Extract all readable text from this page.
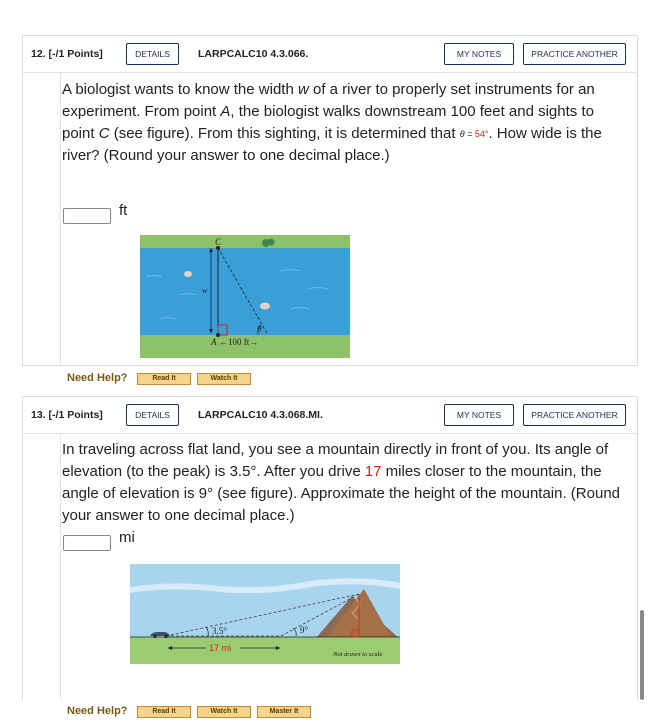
12. [-/1 Points]	DETAILS	LARPCALC10 4.3.066.	MY NOTES	PRACTICE ANOTHER

A biologist wants to know the width w of a river to properly set instruments for an experiment. From point A, the biologist walks downstream 100 feet and sights to point C (see figure). From this sighting, it is determined that θ = 54°. How wide is the river? (Round your answer to one decimal place.)

ft
C
w
θ
A ←100 ft→
Need Help?	Read It	Watch It
13. [-/1 Points]	DETAILS	LARPCALC10 4.3.068.MI.	MY NOTES	PRACTICE ANOTHER

In traveling across flat land, you see a mountain directly in front of you. Its angle of elevation (to the peak) is 3.5°. After you drive 17 miles closer to the mountain, the angle of elevation is 9° (see figure). Approximate the height of the mountain. (Round your answer to one decimal place.)

mi
3.5°	9°
17 mi
Not drawn to scale
Need Help?	Read It	Watch It	Master It
